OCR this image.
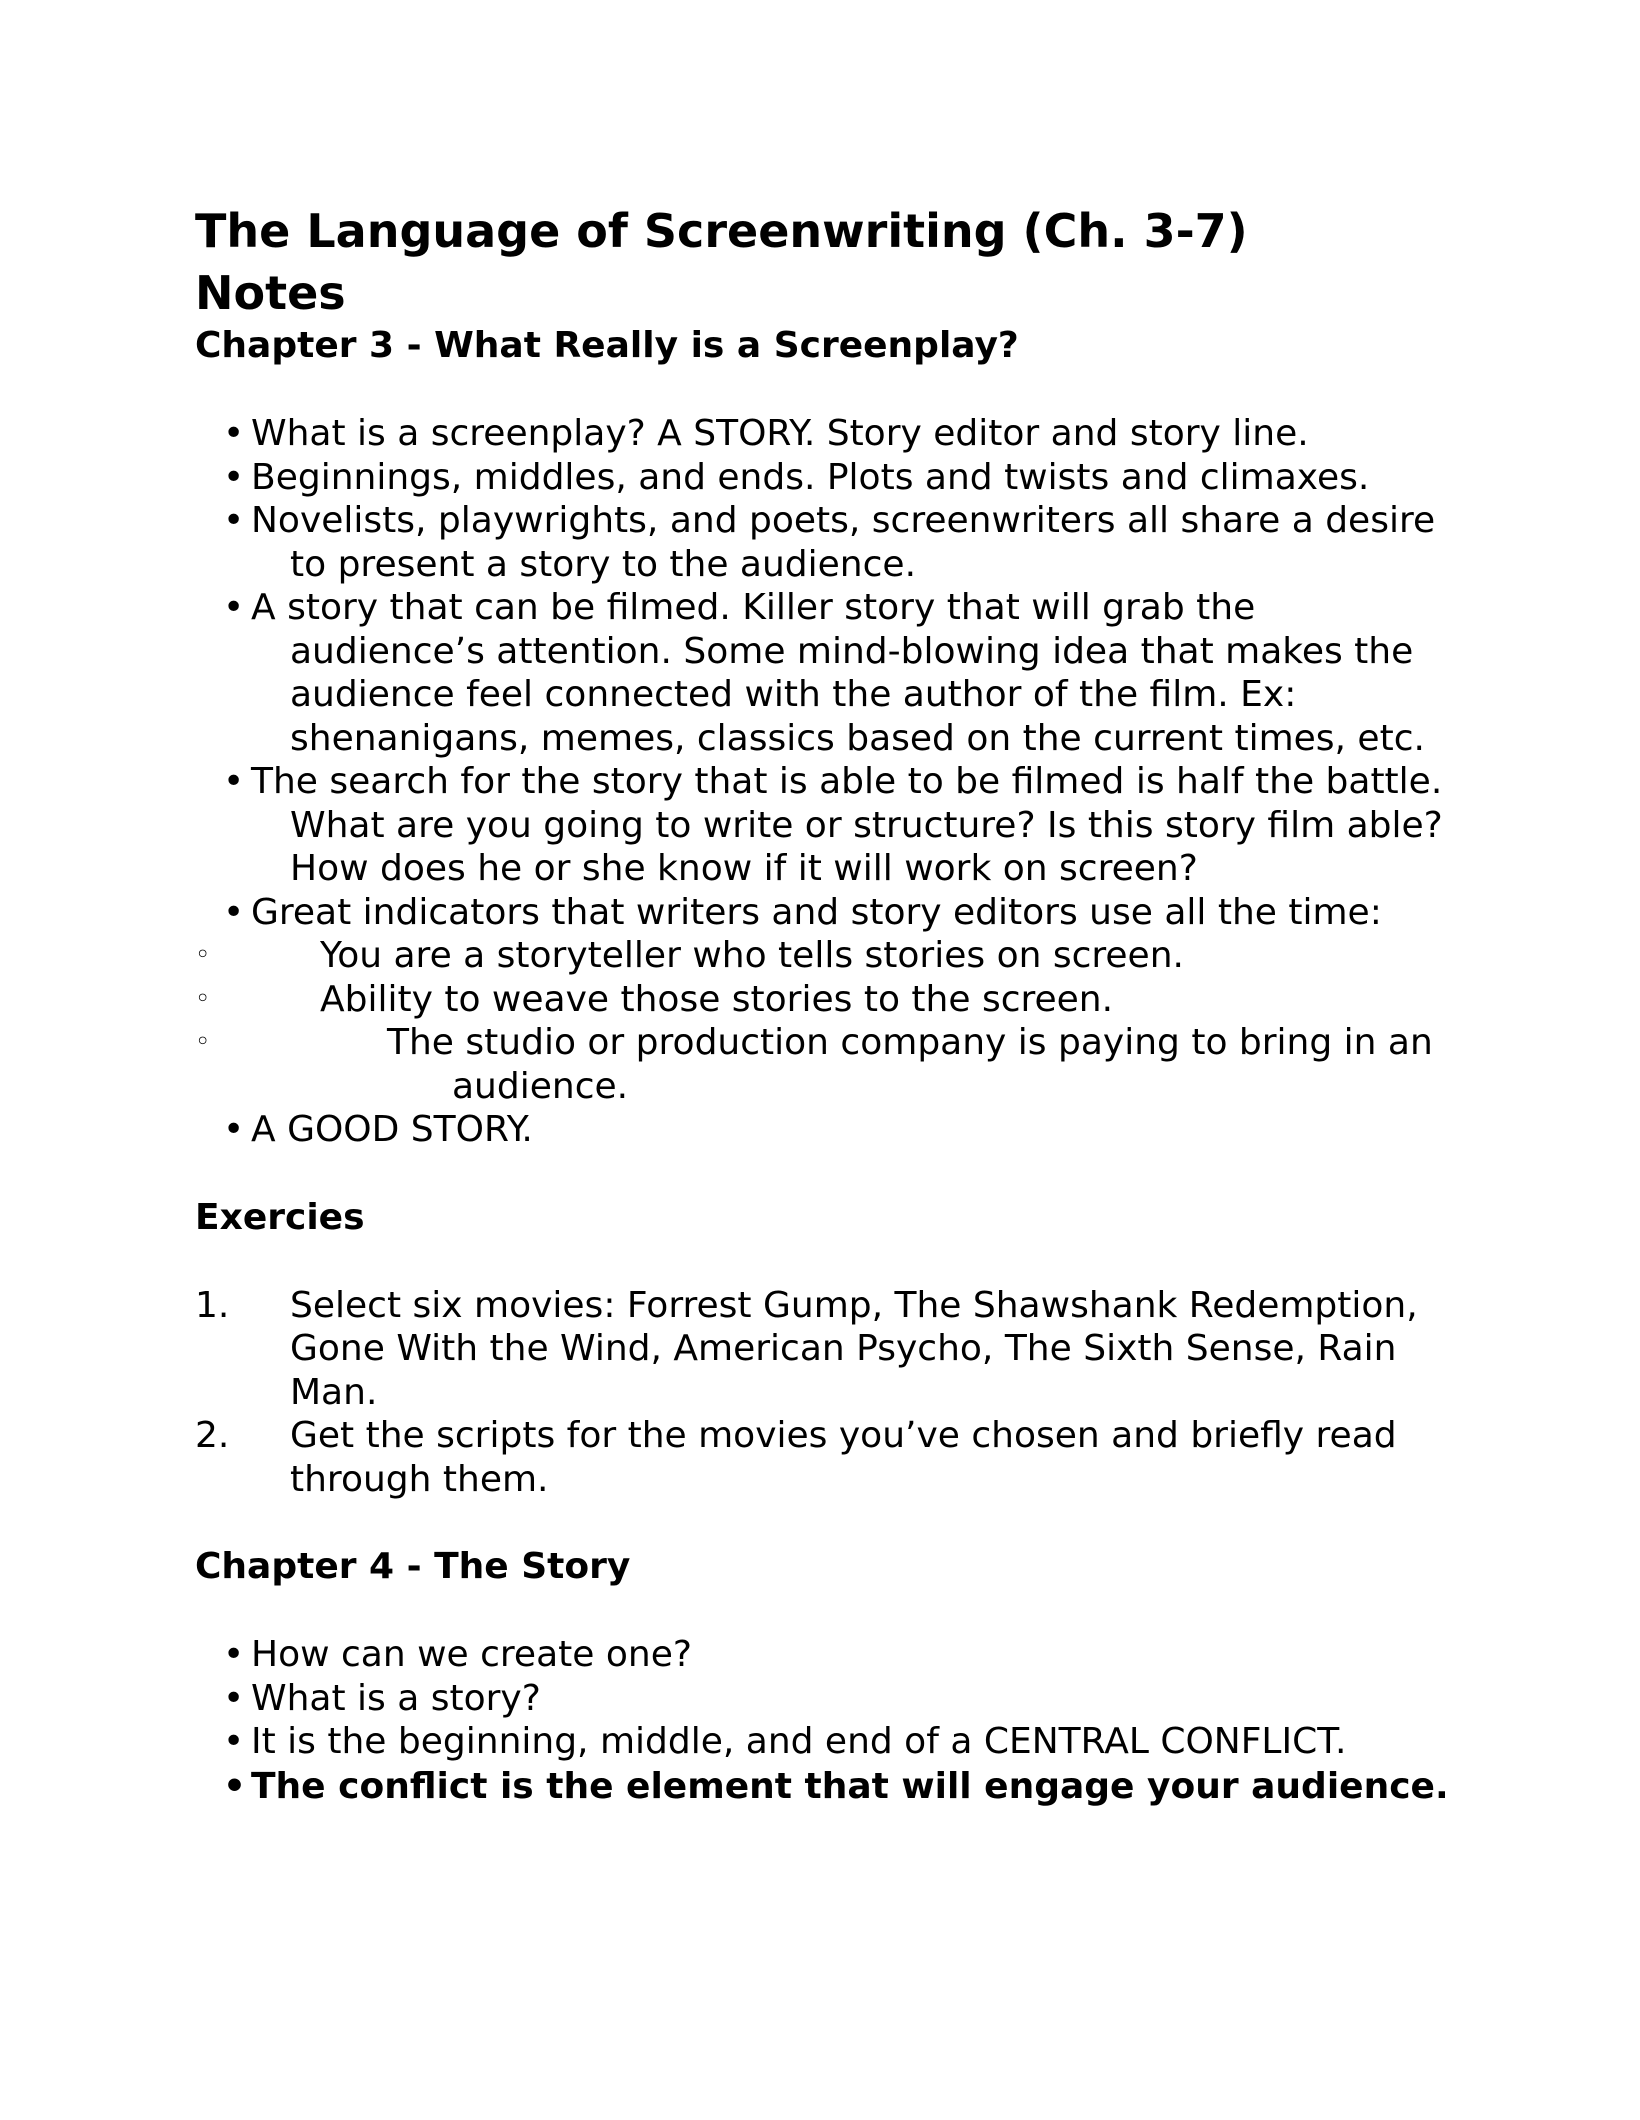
The Language of Screenwriting (Ch. 3-7)
Notes
Chapter 3 - What Really is a Screenplay?
• What is a screenplay? A STORY. Story editor and story line.
• Beginnings, middles, and ends. Plots and twists and climaxes.
• Novelists, playwrights, and poets, screenwriters all share a desire to present a story to the audience.
• A story that can be filmed. Killer story that will grab the audience’s attention. Some mind-blowing idea that makes the audience feel connected with the author of the film. Ex: shenanigans, memes, classics based on the current times, etc.
• The search for the story that is able to be filmed is half the battle. What are you going to write or structure? Is this story film able? How does he or she know if it will work on screen?
• Great indicators that writers and story editors use all the time:
◦	You are a storyteller who tells stories on screen.
◦	Ability to weave those stories to the screen.
◦	The studio or production company is paying to bring in an audience.
• A GOOD STORY.
Exercies
1. Select six movies: Forrest Gump, The Shawshank Redemption, Gone With the Wind, American Psycho, The Sixth Sense, Rain Man.
2. Get the scripts for the movies you’ve chosen and briefly read through them.
Chapter 4 - The Story
• How can we create one?
• What is a story?
• It is the beginning, middle, and end of a CENTRAL CONFLICT.
• The conflict is the element that will engage your audience.
